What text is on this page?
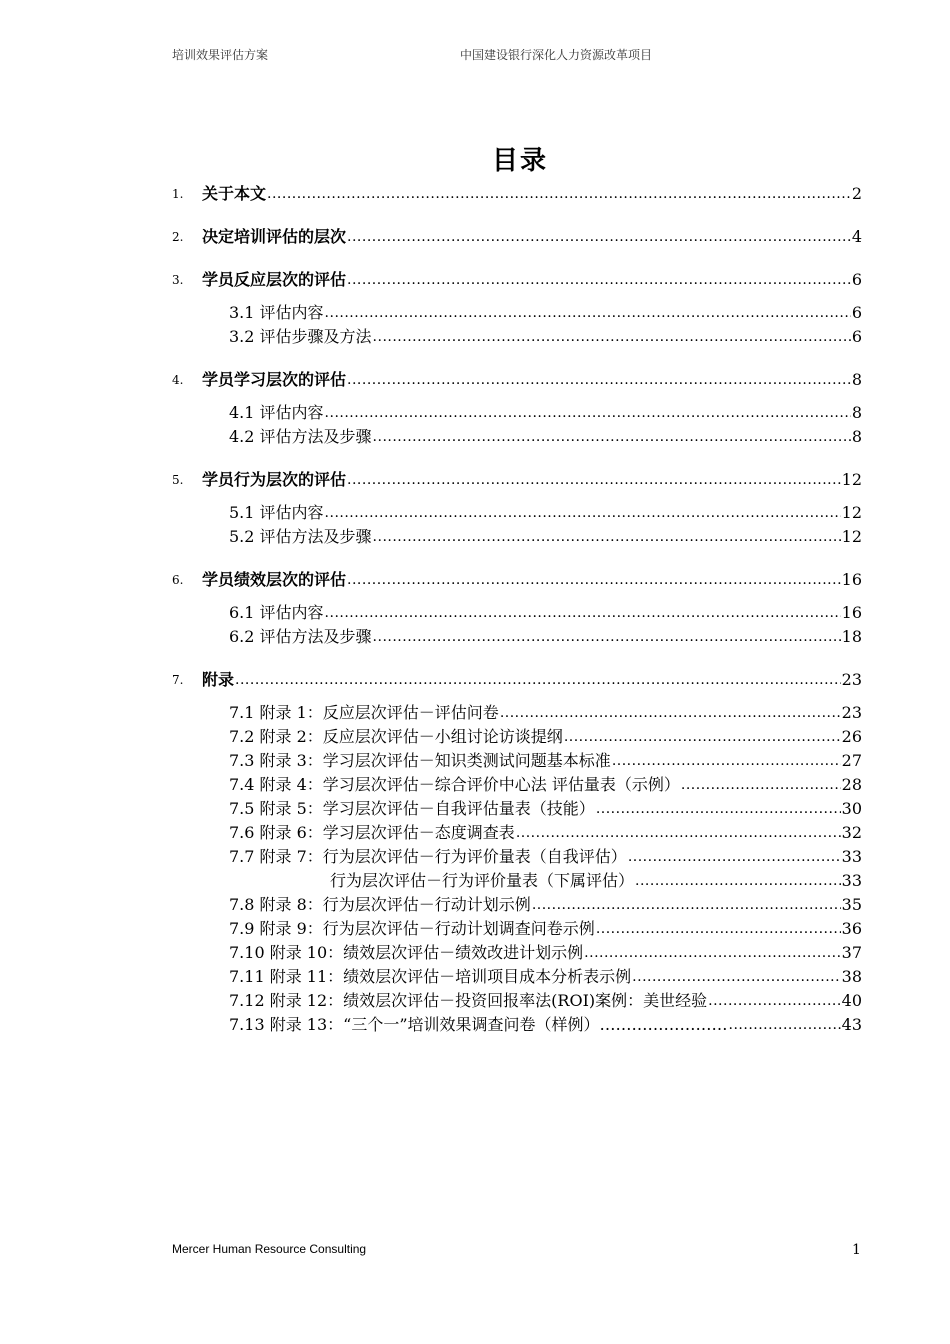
培训效果评估方案	中国建设银行深化人力资源改革项目
目录
1.	关于本文 .....	2
2.	决定培训评估的层次 .....	4
3.	学员反应层次的评估 .....	6
3.1 评估内容 .....	6
3.2 评估步骤及方法 .....	6
4.	学员学习层次的评估 .....	8
4.1 评估内容 .....	8
4.2 评估方法及步骤 .....	8
5.	学员行为层次的评估 .....	12
5.1 评估内容 .....	12
5.2 评估方法及步骤 .....	12
6.	学员绩效层次的评估 .....	16
6.1 评估内容 .....	16
6.2 评估方法及步骤 .....	18
7.	附录 .....	23
7.1 附录 1：反应层次评估－评估问卷 .....	23
7.2 附录 2：反应层次评估－小组讨论访谈提纲 .....	26
7.3 附录 3：学习层次评估－知识类测试问题基本标准 .....	27
7.4 附录 4：学习层次评估－综合评价中心法 评估量表（示例） .....	28
7.5 附录 5：学习层次评估－自我评估量表（技能） .....	30
7.6 附录 6：学习层次评估－态度调查表 .....	32
7.7 附录 7：行为层次评估－行为评价量表（自我评估） .....	33
行为层次评估－行为评价量表（下属评估） .....	33
7.8 附录 8：行为层次评估－行动计划示例 .....	35
7.9 附录 9：行为层次评估－行动计划调查问卷示例 .....	36
7.10 附录 10：绩效层次评估－绩效改进计划示例 .....	37
7.11 附录 11：绩效层次评估－培训项目成本分析表示例 .....	38
7.12 附录 12：绩效层次评估－投资回报率法(ROI)案例：美世经验 .....	40
7.13 附录 13：“三个一”培训效果调查问卷（样例）…………………… .....	43
Mercer Human Resource Consulting	1
